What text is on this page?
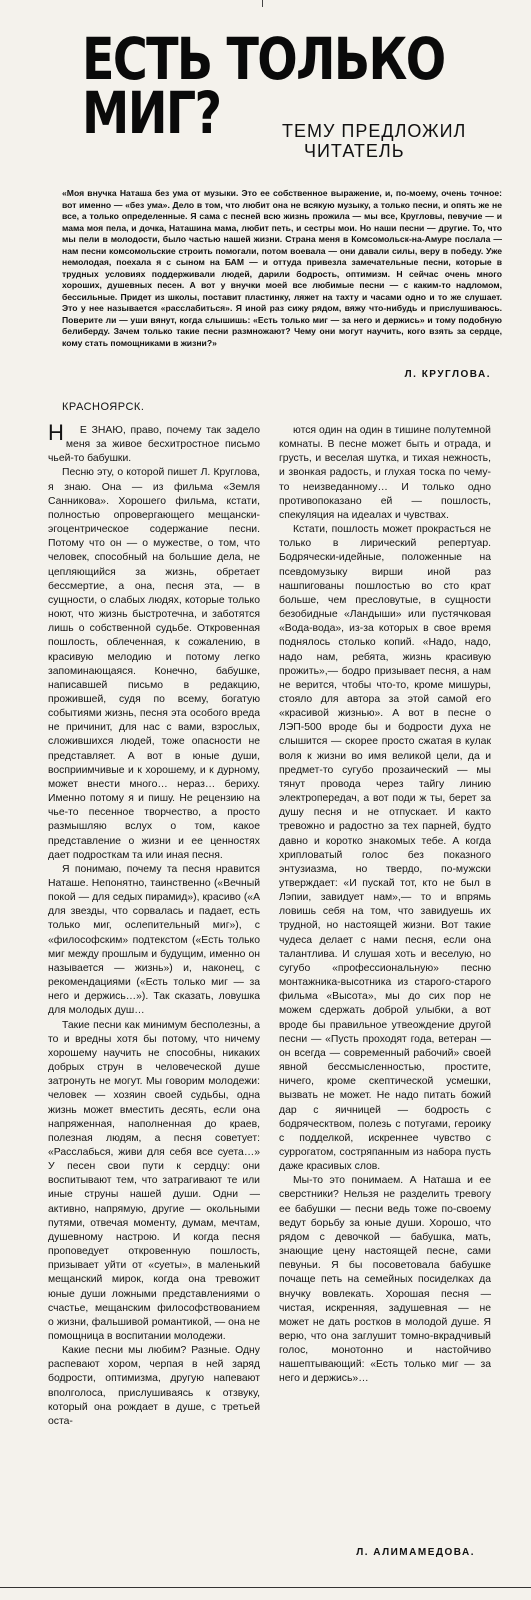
ЕСТЬ ТОЛЬКО
МИГ?	ТЕМУ ПРЕДЛОЖИЛ
ЧИТАТЕЛЬ
«Моя внучка Наташа без ума от музыки. Это ее собственное выражение, и, по-моему, очень точное: вот именно — «без ума». Дело в том, что любит она не всякую музыку, а только песни, и опять же не все, а только определенные. Я сама с песней всю жизнь прожила — мы все, Кругловы, певучие — и мама моя пела, и дочка, Наташина мама, любит петь, и сестры мои. Но наши песни — другие. То, что мы пели в молодости, было частью нашей жизни. Страна меня в Комсомольск-на-Амуре послала — нам песни комсомольские строить помогали, потом воевала — они давали силы, веру в победу. Уже немолодая, поехала я с сыном на БАМ — и оттуда привезла замечательные песни, которые в трудных условиях поддерживали людей, дарили бодрость, оптимизм. Н сейчас очень много хороших, душевных песен. А вот у внучки моей все любимые песни — с каким-то надломом, бессильные. Придет из школы, поставит пластинку, ляжет на тахту и часами одно и то же слушает. Это у нее называется «расслабиться». Я иной раз сижу рядом, вяжу что-нибудь и прислушиваюсь. Поверите ли — уши вянут, когда слышишь: «Есть только миг — за него и держись» и тому подобную белиберду. Зачем только такие песни размножают? Чему они могут научить, кого взять за сердце, кому стать помощниками в жизни?»
Л. КРУГЛОВА.
КРАСНОЯРСК.

Н Е ЗНАЮ, право, почему так задело меня за живое бесхитростное письмо чьей-то бабушки.

Песню эту, о которой пишет Л. Круглова, я знаю. Она — из фильма «Земля Санникова». Хорошего фильма, кстати, полностью опровергающего мещански-эгоцентрическое содержание песни. Потому что он — о мужестве, о том, что человек, способный на большие дела, не цепляющийся за жизнь, обретает бессмертие, а она, песня эта, — в сущности, о слабых людях, которые только ноют, что жизнь быстротечна, и заботятся лишь о собственной судьбе. Откровенная пошлость, облеченная, к сожалению, в красивую мелодию и потому легко запоминающаяся. Конечно, бабушке, написавшей письмо в редакцию, прожившей, судя по всему, богатую событиями жизнь, песня эта особого вреда не причинит, для нас с вами, взрослых, сложившихся людей, тоже опасности не представляет. А вот в юные души, восприимчивые и к хорошему, и к дурному, может внести много… нераз… бериху. Именно потому я и пишу. Не рецензию на чье-то песенное творчество, а просто размышляю вслух о том, какое представление о жизни и ее ценностях дает подросткам та или иная песня.

Я понимаю, почему та песня нравится Наташе. Непонятно, таинственно («Вечный покой — для седых пирамид»), красиво («А для звезды, что сорвалась и падает, есть только миг, ослепительный миг»), с «философским» подтекстом («Есть только миг между прошлым и будущим, именно он называется — жизнь») и, наконец, с рекомендациями («Есть только миг — за него и держись…»). Так сказать, ловушка для молодых душ…

Такие песни как минимум бесполезны, а то и вредны хотя бы потому, что ничему хорошему научить не способны, никаких добрых струн в человеческой душе затронуть не могут. Мы говорим молодежи: человек — хозяин своей судьбы, одна жизнь может вместить десять, если она напряженная, наполненная до краев, полезная людям, а песня советует: «Расслабься, живи для себя все суета…» У песен свои пути к сердцу: они воспитывают тем, что затрагивают те или иные струны нашей души. Одни — активно, напрямую, другие — окольными путями, отвечая моменту, думам, мечтам, душевному настрою. И когда песня проповедует откровенную пошлость, призывает уйти от «суеты», в маленький мещанский мирок, когда она тревожит юные души ложными представлениями о счастье, мещанским философствованием о жизни, фальшивой романтикой, — она не помощница в воспитании молодежи.

Какие песни мы любим? Разные. Одну распевают хором, черпая в ней заряд бодрости, оптимизма, другую напевают вполголоса, прислушиваясь к отзвуку, который она рождает в душе, с третьей оста-

ются один на один в тишине полутемной комнаты. В песне может быть и отрада, и грусть, и веселая шутка, и тихая нежность, и звонкая радость, и глухая тоска по чему-то неизведанному… И только одно противопоказано ей — пошлость, спекуляция на идеалах и чувствах.

Кстати, пошлость может прокрасться не только в лирический репертуар. Бодрячески-идейные, положенные на псевдомузыку вирши иной раз нашпигованы пошлостью во сто крат больше, чем пресловутые, в сущности безобидные «Ландыши» или пустячковая «Вода-вода», из-за которых в свое время поднялось столько копий. «Надо, надо, надо нам, ребята, жизнь красивую прожить»,— бодро призывает песня, а нам не верится, чтобы что-то, кроме мишуры, стояло для автора за этой самой его «красивой жизнью». А вот в песне о ЛЭП-500 вроде бы и бодрости духа не слышится — скорее просто сжатая в кулак воля к жизни во имя великой цели, да и предмет-то сугубо прозаический — мы тянут провода через тайгу линию электропередач, а вот поди ж ты, берет за душу песня и не отпускает. И както тревожно и радостно за тех парней, будто давно и коротко знакомых тебе. А когда хрипловатый голос без показного энтузиазма, но твердо, по-мужски утверждает: «И пускай тот, кто не был в Лэпии, завидует нам»,— то и впрямь ловишь себя на том, что завидуешь их трудной, но настоящей жизни. Вот такие чудеса делает с нами песня, если она талантлива. И слушая хоть и веселую, но сугубо «профессиональную» песню монтажника-высотника из старого-старого фильма «Высота», мы до сих пор не можем сдержать доброй улыбки, а вот вроде бы правильное утвеождение другой песни — «Пусть проходят года, ветеран — он всегда — современный рабочий» своей явной бессмысленностью, простите, ничего, кроме скептической усмешки, вызвать не может. Не надо питать божий дар с яичницей — бодрость с бодряческтвом, полезь с потугами, героику с подделкой, искреннее чувство с суррогатом, состряпанным из набора пусть даже красивых слов.

Мы-то это понимаем. А Наташа и ее сверстники? Нельзя не разделить тревогу ее бабушки — песни ведь тоже по-своему ведут борьбу за юные души. Хорошо, что рядом с девочкой — бабушка, мать, знающие цену настоящей песне, сами певуньи. Я бы посоветовала бабушке почаще петь на семейных посиделках да внучку вовлекать. Хорошая песня — чистая, искренняя, задушевная — не может не дать ростков в молодой душе. Я верю, что она заглушит томно-вкрадчивый голос, монотонно и настойчиво нашептывающий: «Есть только миг — за него и держись»…

Л. АЛИМАМЕДОВА.
